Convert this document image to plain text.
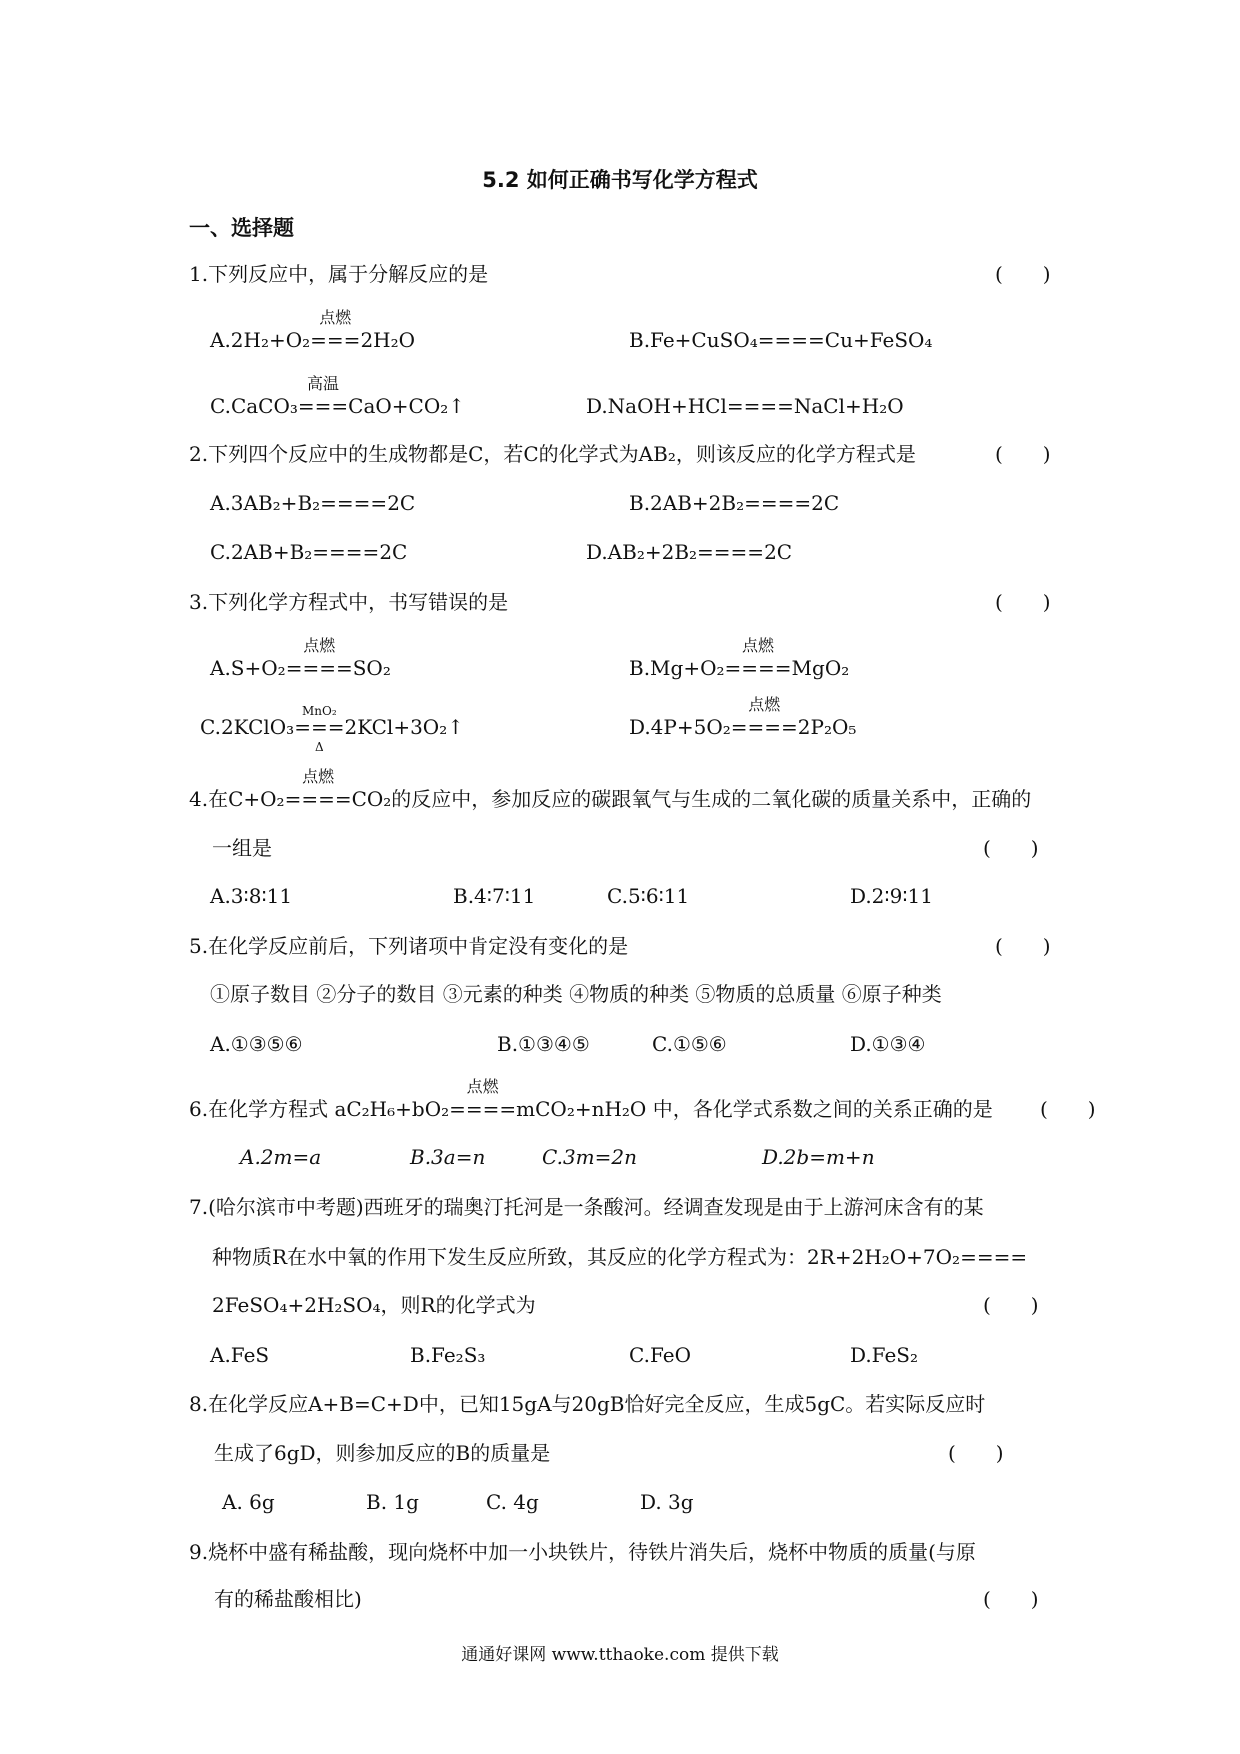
5.2 如何正确书写化学方程式
一、选择题
1.下列反应中，属于分解反应的是	(　　)
A.2H₂+O₂
点燃
===2H₂O	B.Fe+CuSO₄====Cu+FeSO₄
C.CaCO₃
高温
===CaO+CO₂↑	D.NaOH+HCl====NaCl+H₂O
2.下列四个反应中的生成物都是C，若C的化学式为AB₂，则该反应的化学方程式是	(　　)
A.3AB₂+B₂====2C	B.2AB+2B₂====2C
C.2AB+B₂====2C	D.AB₂+2B₂====2C
3.下列化学方程式中，书写错误的是	(　　)
A.S+O₂
点燃
====SO₂	B.Mg+O₂
点燃
====MgO₂
C.2KClO₃
MnO₂
===
Δ
2KCl+3O₂↑	D.4P+5O₂
点燃
====2P₂O₅
4.在C+O₂
点燃
====CO₂的反应中，参加反应的碳跟氧气与生成的二氧化碳的质量关系中，正确的
一组是	(　　)
A.3∶8∶11	B.4∶7∶11	C.5∶6∶11	D.2∶9∶11
5.在化学反应前后，下列诸项中肯定没有变化的是	(　　)
①原子数目 ②分子的数目 ③元素的种类 ④物质的种类 ⑤物质的总质量 ⑥原子种类
A.①③⑤⑥	B.①③④⑤	C.①⑤⑥	D.①③④
6.在化学方程式 aC₂H₆+bO₂
点燃
====mCO₂+nH₂O 中，各化学式系数之间的关系正确的是 (　　)
A.2m=a	B.3a=n	C.3m=2n	D.2b=m+n
7.(哈尔滨市中考题)西班牙的瑞奥汀托河是一条酸河。经调查发现是由于上游河床含有的某
种物质R在水中氧的作用下发生反应所致，其反应的化学方程式为：2R+2H₂O+7O₂====
2FeSO₄+2H₂SO₄，则R的化学式为	(　　)
A.FeS	B.Fe₂S₃	C.FeO	D.FeS₂
8.在化学反应A+B=C+D中，已知15gA与20gB恰好完全反应，生成5gC。若实际反应时
生成了6gD，则参加反应的B的质量是	(　　)
A. 6g	B. 1g	C. 4g	D. 3g
9.烧杯中盛有稀盐酸，现向烧杯中加一小块铁片，待铁片消失后，烧杯中物质的质量(与原
有的稀盐酸相比)	(　　)
通通好课网 www.tthaoke.com 提供下载
